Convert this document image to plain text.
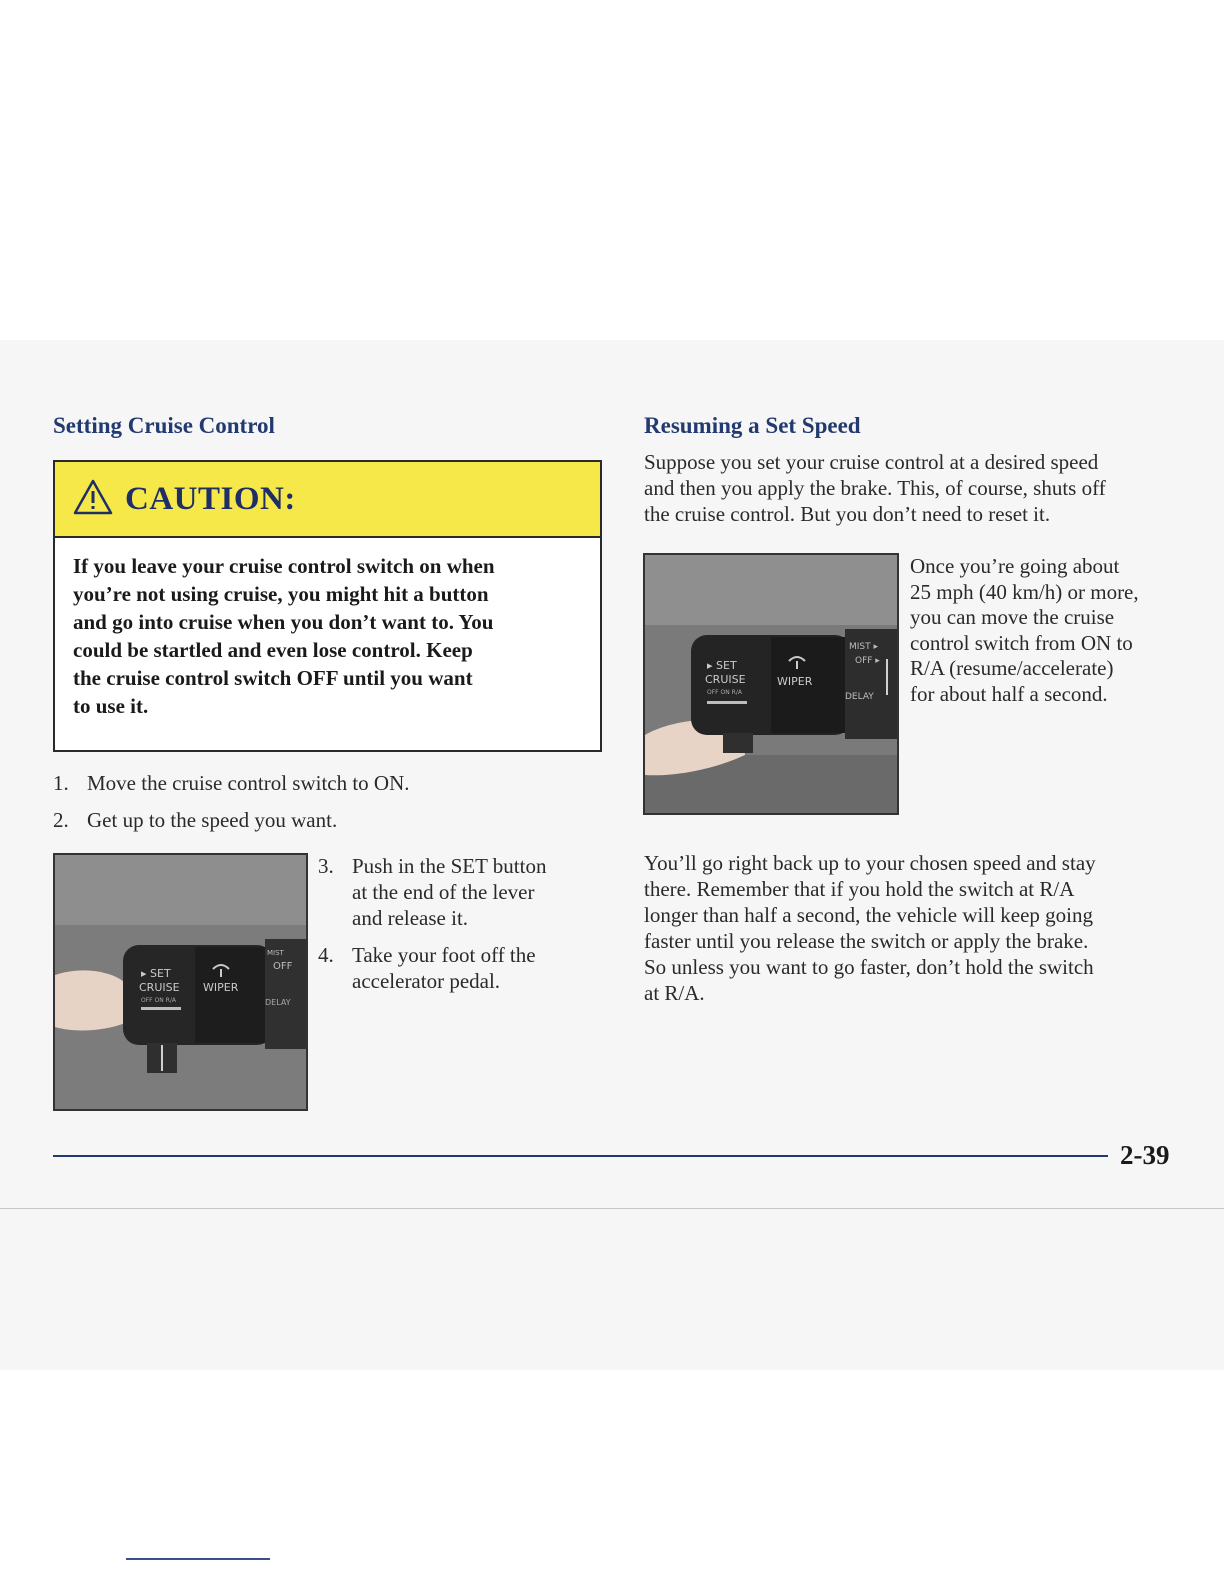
Setting Cruise Control
CAUTION:
If you leave your cruise control switch on when
you’re not using cruise, you might hit a button
and go into cruise when you don’t want to. You
could be startled and even lose control. Keep
the cruise control switch OFF until you want
to use it.
1. Move the cruise control switch to ON.
2. Get up to the speed you want.
▸ SET
CRUISE
OFF ON R/A
WIPER
MIST
OFF
DELAY
3. Push in the SET button
at the end of the lever
and release it.
4. Take your foot off the
accelerator pedal.
Resuming a Set Speed
Suppose you set your cruise control at a desired speed
and then you apply the brake. This, of course, shuts off
the cruise control. But you don’t need to reset it.
▸ SET
CRUISE
OFF ON R/A
WIPER
MIST ▸
OFF ▸
DELAY
Once you’re going about
25 mph (40 km/h) or more,
you can move the cruise
control switch from ON to
R/A (resume/accelerate)
for about half a second.
You’ll go right back up to your chosen speed and stay
there. Remember that if you hold the switch at R/A
longer than half a second, the vehicle will keep going
faster until you release the switch or apply the brake.
So unless you want to go faster, don’t hold the switch
at R/A.
2-39
